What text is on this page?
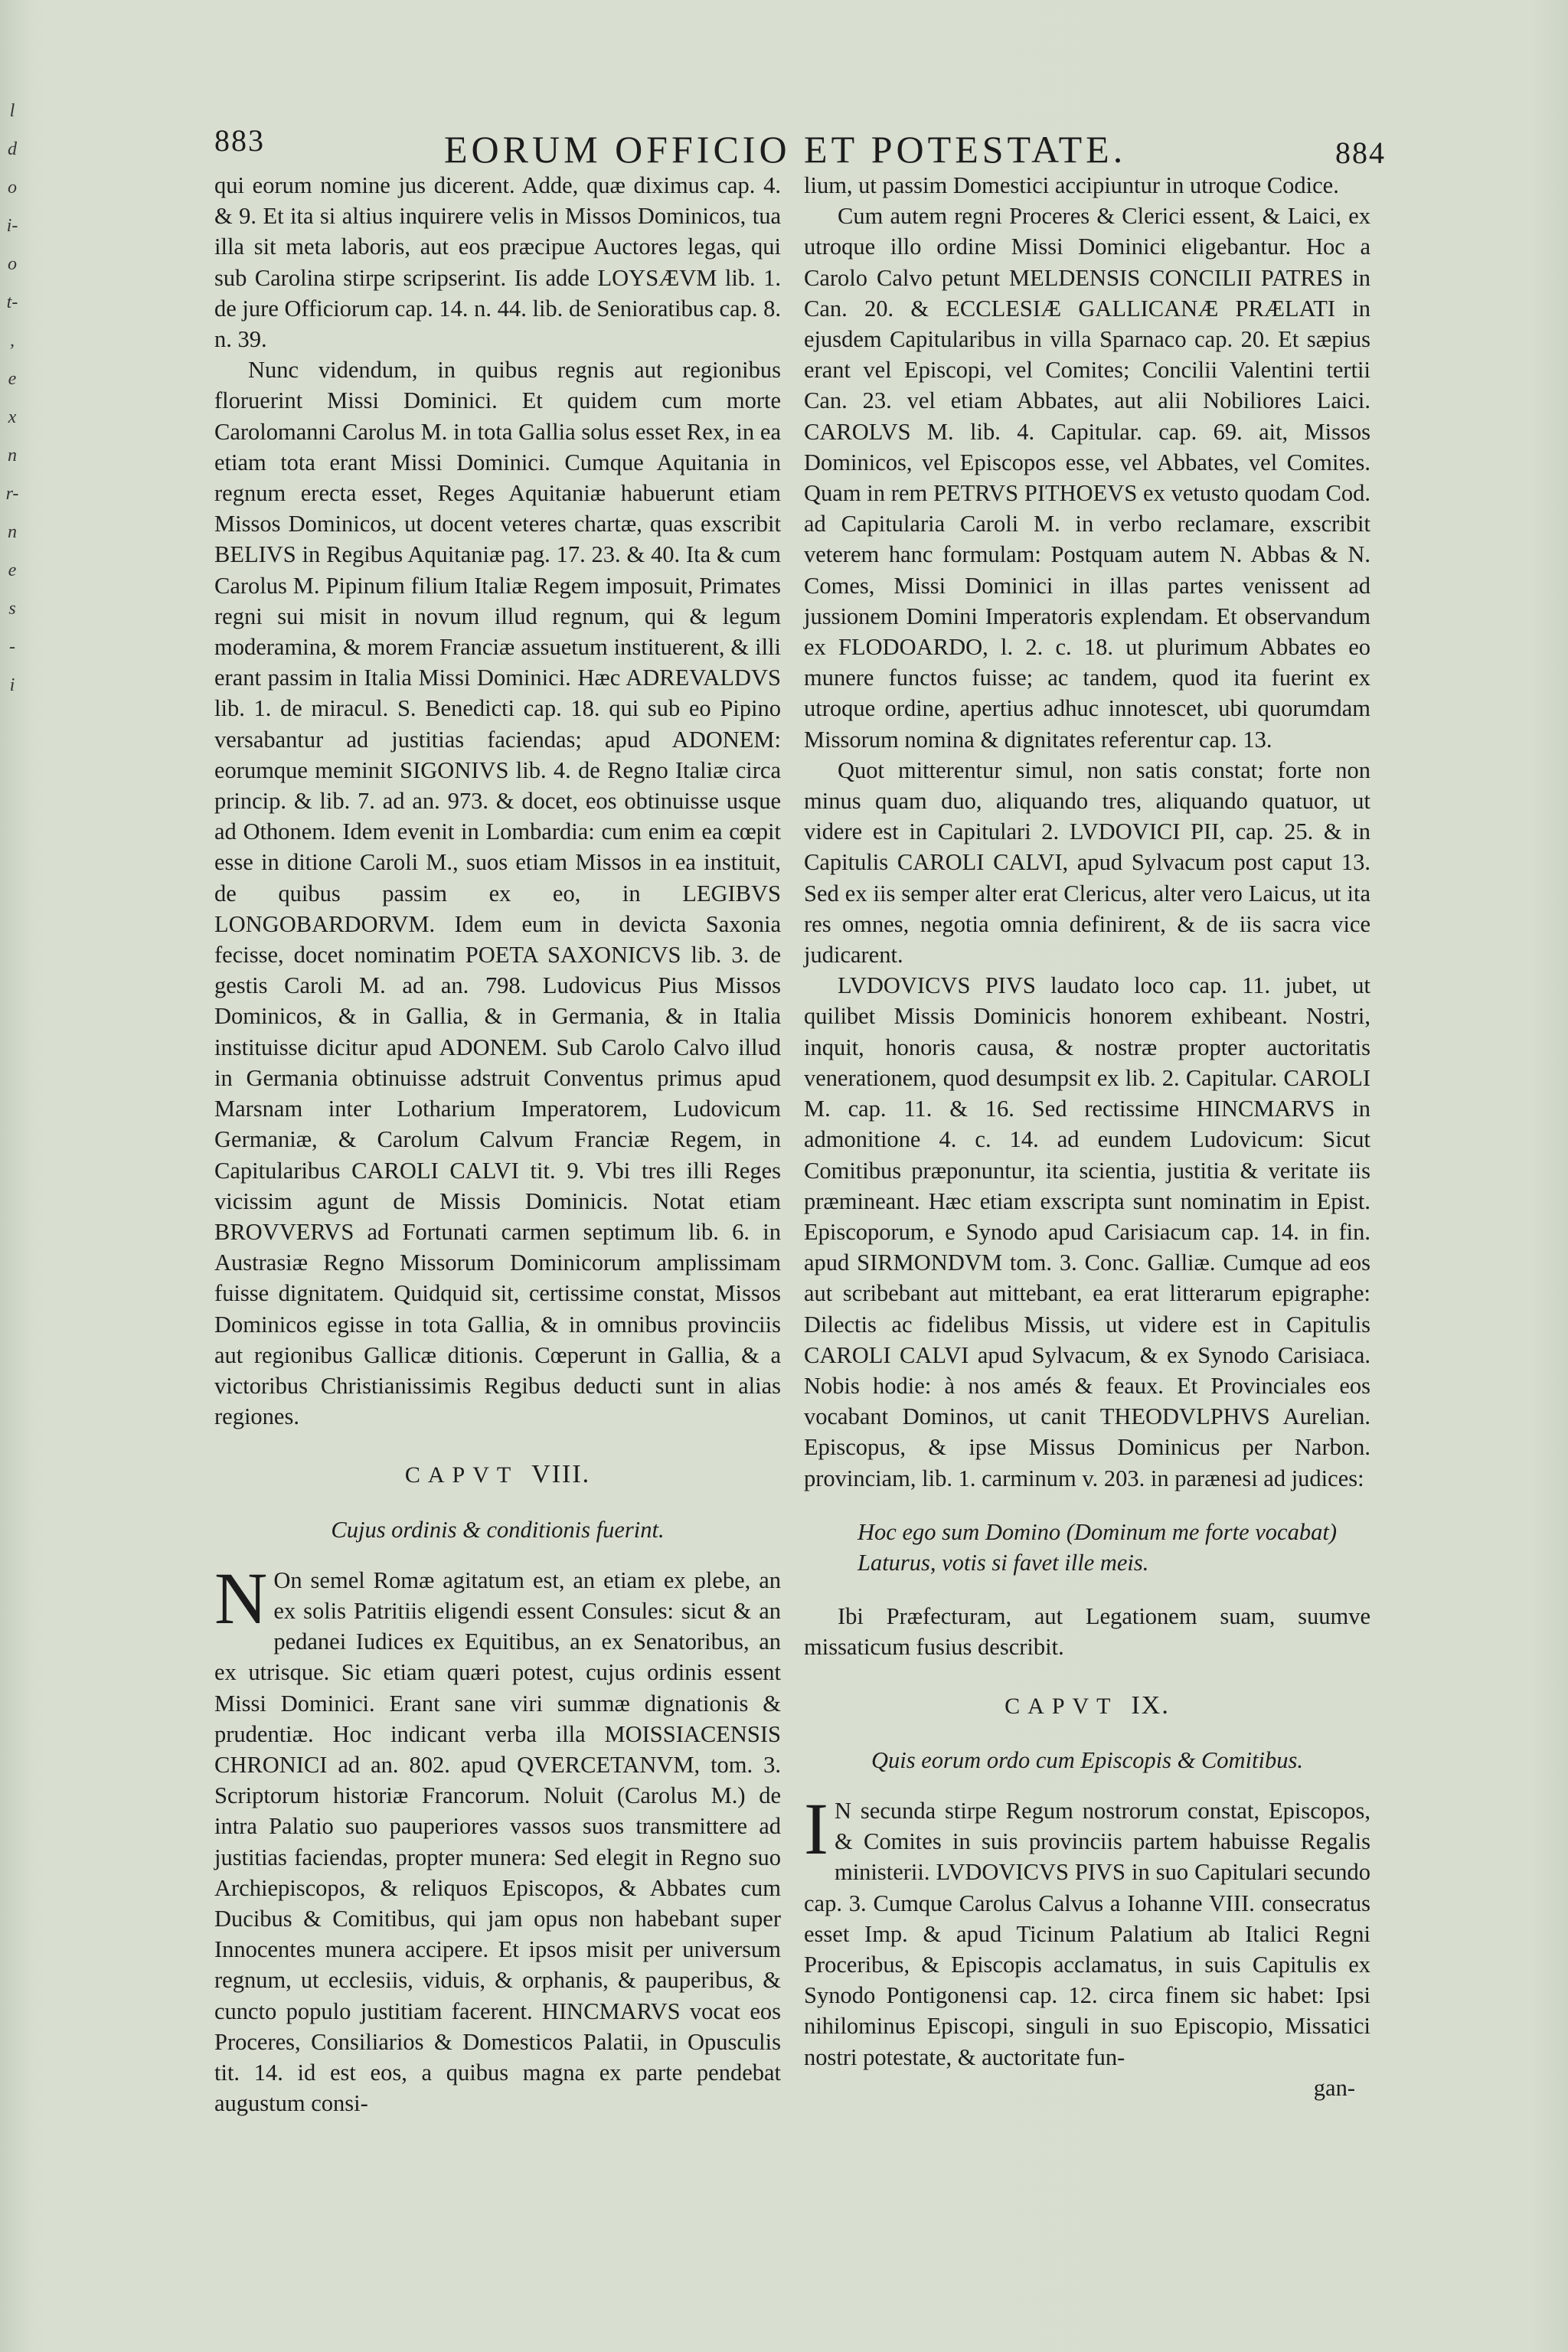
l
d
o
i-
o
t-
,
e
x
n
r-
n
e
s
-
i
883	EORUM OFFICIO ET POTESTATE.	884

qui eorum nomine jus dicerent. Adde, quæ diximus cap. 4. & 9. Et ita si altius inquirere velis in Missos Dominicos, tua illa sit meta laboris, aut eos præcipue Auctores legas, qui sub Carolina stirpe scripserint. Iis adde LOYSÆVM lib. 1. de jure Officiorum cap. 14. n. 44. lib. de Senioratibus cap. 8. n. 39.

Nunc videndum, in quibus regnis aut regionibus floruerint Missi Dominici. Et quidem cum morte Carolomanni Carolus M. in tota Gallia solus esset Rex, in ea etiam tota erant Missi Dominici. Cumque Aquitania in regnum erecta esset, Reges Aquitaniæ habuerunt etiam Missos Dominicos, ut docent veteres chartæ, quas exscribit BELIVS in Regibus Aquitaniæ pag. 17. 23. & 40. Ita & cum Carolus M. Pipinum filium Italiæ Regem imposuit, Primates regni sui misit in novum illud regnum, qui & legum moderamina, & morem Franciæ assuetum instituerent, & illi erant passim in Italia Missi Dominici. Hæc ADREVALDVS lib. 1. de miracul. S. Benedicti cap. 18. qui sub eo Pipino versabantur ad justitias faciendas; apud ADONEM: eorumque meminit SIGONIVS lib. 4. de Regno Italiæ circa princip. & lib. 7. ad an. 973. & docet, eos obtinuisse usque ad Othonem. Idem evenit in Lombardia: cum enim ea cœpit esse in ditione Caroli M., suos etiam Missos in ea instituit, de quibus passim ex eo, in LEGIBVS LONGOBARDORVM. Idem eum in devicta Saxonia fecisse, docet nominatim POETA SAXONICVS lib. 3. de gestis Caroli M. ad an. 798. Ludovicus Pius Missos Dominicos, & in Gallia, & in Germania, & in Italia instituisse dicitur apud ADONEM. Sub Carolo Calvo illud in Germania obtinuisse adstruit Conventus primus apud Marsnam inter Lotharium Imperatorem, Ludovicum Germaniæ, & Carolum Calvum Franciæ Regem, in Capitularibus CAROLI CALVI tit. 9. Vbi tres illi Reges vicissim agunt de Missis Dominicis. Notat etiam BROVVERVS ad Fortunati carmen septimum lib. 6. in Austrasiæ Regno Missorum Dominicorum amplissimam fuisse dignitatem. Quidquid sit, certissime constat, Missos Dominicos egisse in tota Gallia, & in omnibus provinciis aut regionibus Gallicæ ditionis. Cœperunt in Gallia, & a victoribus Christianissimis Regibus deducti sunt in alias regiones.

CAPVT VIII.
Cujus ordinis & conditionis fuerint.

N On semel Romæ agitatum est, an etiam ex plebe, an ex solis Patritiis eligendi essent Consules: sicut & an pedanei Iudices ex Equitibus, an ex Senatoribus, an ex utrisque. Sic etiam quæri potest, cujus ordinis essent Missi Dominici. Erant sane viri summæ dignationis & prudentiæ. Hoc indicant verba illa MOISSIACENSIS CHRONICI ad an. 802. apud QVERCETANVM, tom. 3. Scriptorum historiæ Francorum. Noluit (Carolus M.) de intra Palatio suo pauperiores vassos suos transmittere ad justitias faciendas, propter munera: Sed elegit in Regno suo Archiepiscopos, & reliquos Episcopos, & Abbates cum Ducibus & Comitibus, qui jam opus non habebant super Innocentes munera accipere. Et ipsos misit per universum regnum, ut ecclesiis, viduis, & orphanis, & pauperibus, & cuncto populo justitiam facerent. HINCMARVS vocat eos Proceres, Consiliarios & Domesticos Palatii, in Opusculis tit. 14. id est eos, a quibus magna ex parte pendebat augustum consi-

lium, ut passim Domestici accipiuntur in utroque Codice.

Cum autem regni Proceres & Clerici essent, & Laici, ex utroque illo ordine Missi Dominici eligebantur. Hoc a Carolo Calvo petunt MELDENSIS CONCILII PATRES in Can. 20. & ECCLESIÆ GALLICANÆ PRÆLATI in ejusdem Capitularibus in villa Sparnaco cap. 20. Et sæpius erant vel Episcopi, vel Comites; Concilii Valentini tertii Can. 23. vel etiam Abbates, aut alii Nobiliores Laici. CAROLVS M. lib. 4. Capitular. cap. 69. ait, Missos Dominicos, vel Episcopos esse, vel Abbates, vel Comites. Quam in rem PETRVS PITHOEVS ex vetusto quodam Cod. ad Capitularia Caroli M. in verbo reclamare, exscribit veterem hanc formulam: Postquam autem N. Abbas & N. Comes, Missi Dominici in illas partes venissent ad jussionem Domini Imperatoris explendam. Et observandum ex FLODOARDO, l. 2. c. 18. ut plurimum Abbates eo munere functos fuisse; ac tandem, quod ita fuerint ex utroque ordine, apertius adhuc innotescet, ubi quorumdam Missorum nomina & dignitates referentur cap. 13.

Quot mitterentur simul, non satis constat; forte non minus quam duo, aliquando tres, aliquando quatuor, ut videre est in Capitulari 2. LVDOVICI PII, cap. 25. & in Capitulis CAROLI CALVI, apud Sylvacum post caput 13. Sed ex iis semper alter erat Clericus, alter vero Laicus, ut ita res omnes, negotia omnia definirent, & de iis sacra vice judicarent.

LVDOVICVS PIVS laudato loco cap. 11. jubet, ut quilibet Missis Dominicis honorem exhibeant. Nostri, inquit, honoris causa, & nostræ propter auctoritatis venerationem, quod desumpsit ex lib. 2. Capitular. CAROLI M. cap. 11. & 16. Sed rectissime HINCMARVS in admonitione 4. c. 14. ad eundem Ludovicum: Sicut Comitibus præponuntur, ita scientia, justitia & veritate iis præmineant. Hæc etiam exscripta sunt nominatim in Epist. Episcoporum, e Synodo apud Carisiacum cap. 14. in fin. apud SIRMONDVM tom. 3. Conc. Galliæ. Cumque ad eos aut scribebant aut mittebant, ea erat litterarum epigraphe: Dilectis ac fidelibus Missis, ut videre est in Capitulis CAROLI CALVI apud Sylvacum, & ex Synodo Carisiaca. Nobis hodie: à nos amés & feaux. Et Provinciales eos vocabant Dominos, ut canit THEODVLPHVS Aurelian. Episcopus, & ipse Missus Dominicus per Narbon. provinciam, lib. 1. carminum v. 203. in parænesi ad judices:

Hoc ego sum Domino (Dominum me forte vocabat)
Laturus, votis si favet ille meis.

Ibi Præfecturam, aut Legationem suam, suumve missaticum fusius describit.

CAPVT IX.
Quis eorum ordo cum Episcopis & Comitibus.

I N secunda stirpe Regum nostrorum constat, Episcopos, & Comites in suis provinciis partem habuisse Regalis ministerii. LVDOVICVS PIVS in suo Capitulari secundo cap. 3. Cumque Carolus Calvus a Iohanne VIII. consecratus esset Imp. & apud Ticinum Palatium ab Italici Regni Proceribus, & Episcopis acclamatus, in suis Capitulis ex Synodo Pontigonensi cap. 12. circa finem sic habet: Ipsi nihilominus Episcopi, singuli in suo Episcopio, Missatici nostri potestate, & auctoritate fun-

gan-
